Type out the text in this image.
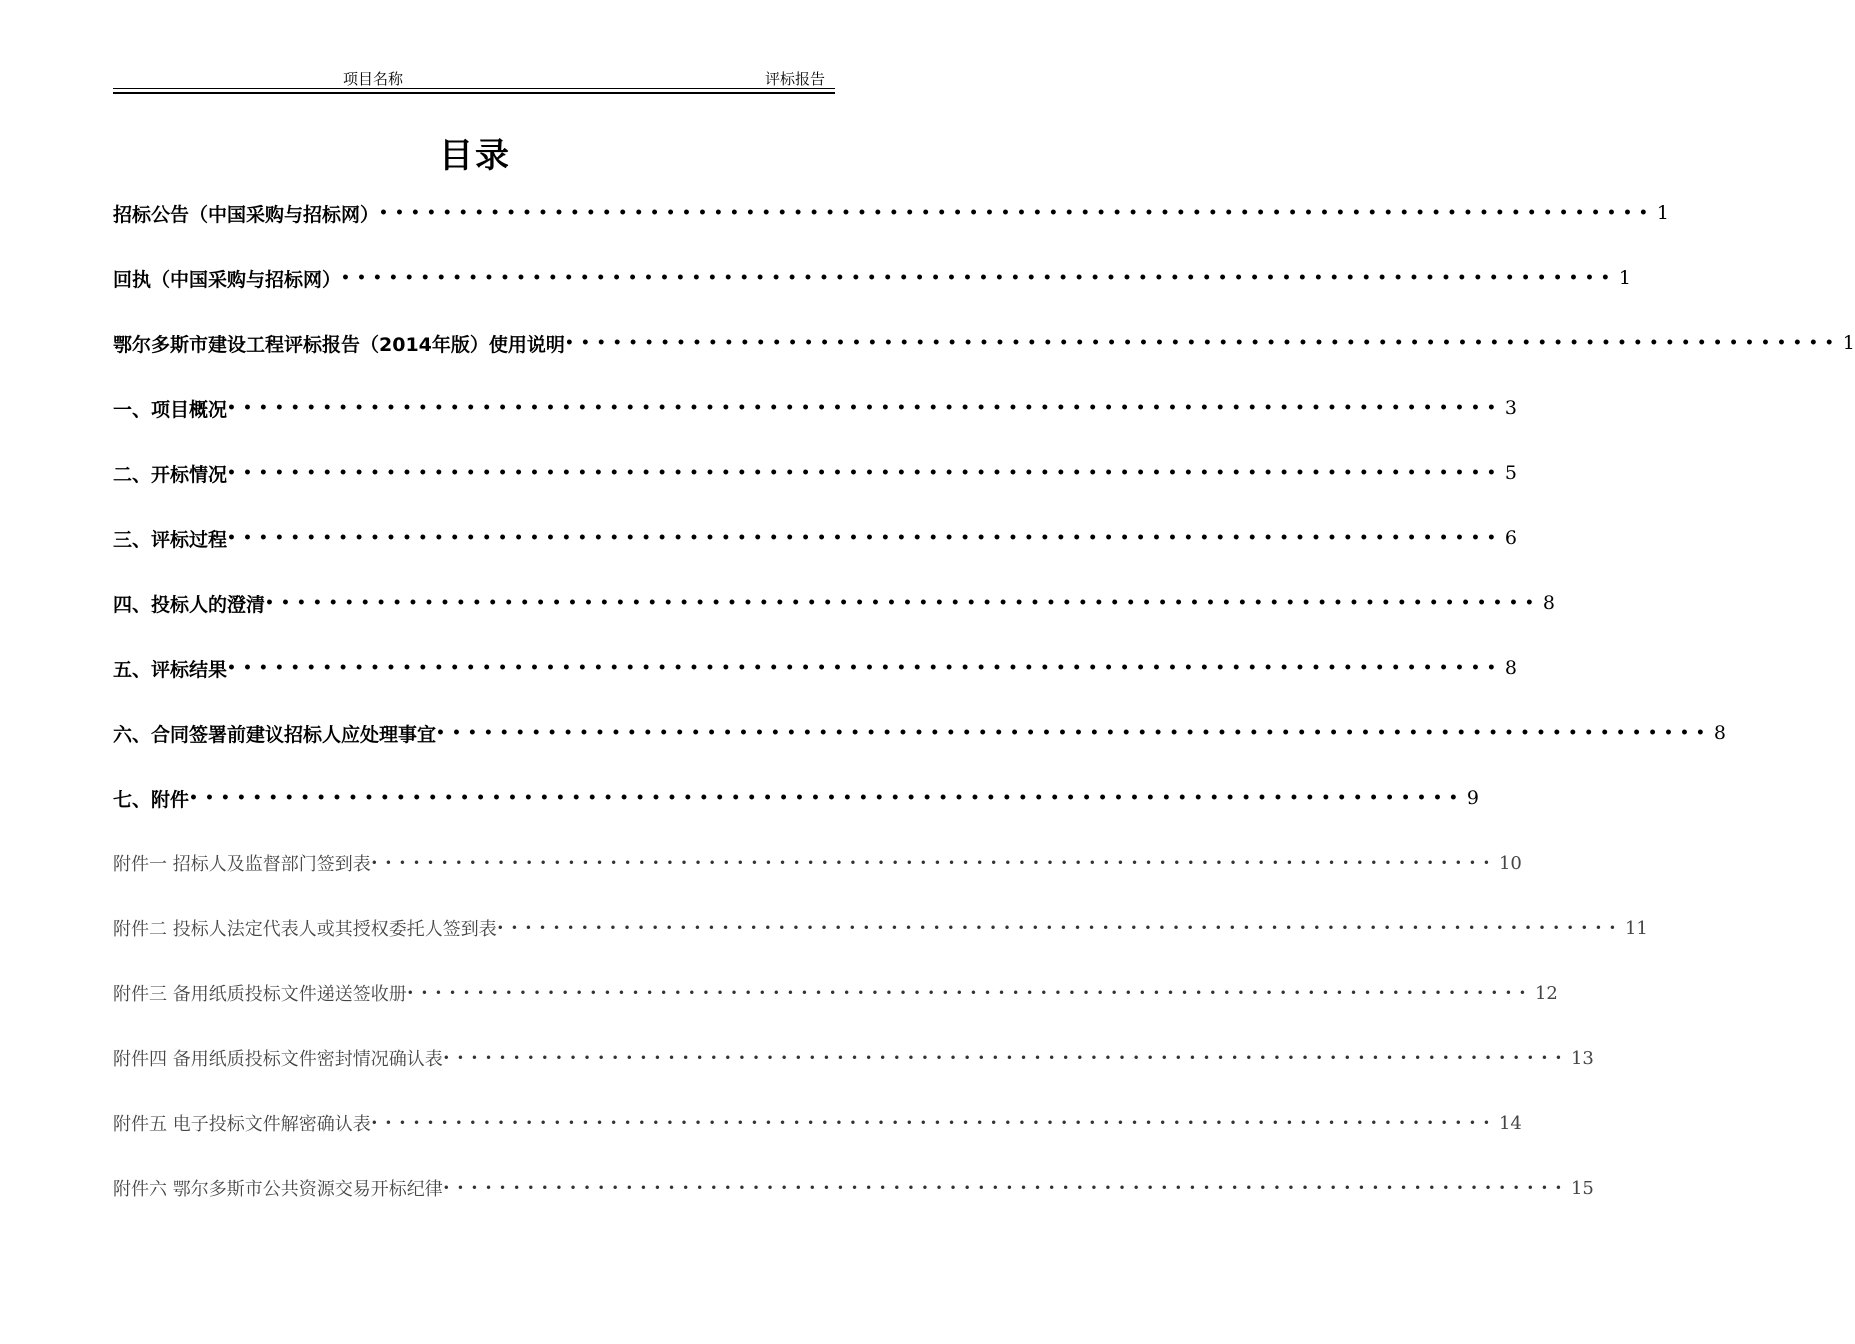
项目名称	评标报告
目录
招标公告（中国采购与招标网） •••••••••••••••••••••••••••••••••••••••••••••••••••••••••••••••••••••••••••••••• 1
回执（中国采购与招标网） •••••••••••••••••••••••••••••••••••••••••••••••••••••••••••••••••••••••••••••••• 1
鄂尔多斯市建设工程评标报告（2014年版）使用说明 •••••••••••••••••••••••••••••••••••••••••••••••••••••••••••••••••••••••••••••••• 1
一、项目概况 •••••••••••••••••••••••••••••••••••••••••••••••••••••••••••••••••••••••••••••••• 3
二、开标情况 •••••••••••••••••••••••••••••••••••••••••••••••••••••••••••••••••••••••••••••••• 5
三、评标过程 •••••••••••••••••••••••••••••••••••••••••••••••••••••••••••••••••••••••••••••••• 6
四、投标人的澄清 •••••••••••••••••••••••••••••••••••••••••••••••••••••••••••••••••••••••••••••••• 8
五、评标结果 •••••••••••••••••••••••••••••••••••••••••••••••••••••••••••••••••••••••••••••••• 8
六、合同签署前建议招标人应处理事宜 •••••••••••••••••••••••••••••••••••••••••••••••••••••••••••••••••••••••••••••••• 8
七、附件 •••••••••••••••••••••••••••••••••••••••••••••••••••••••••••••••••••••••••••••••• 9
附件一 招标人及监督部门签到表 •••••••••••••••••••••••••••••••••••••••••••••••••••••••••••••••••••••••••••••••• 10
附件二 投标人法定代表人或其授权委托人签到表 •••••••••••••••••••••••••••••••••••••••••••••••••••••••••••••••••••••••••••••••• 11
附件三 备用纸质投标文件递送签收册 •••••••••••••••••••••••••••••••••••••••••••••••••••••••••••••••••••••••••••••••• 12
附件四 备用纸质投标文件密封情况确认表 •••••••••••••••••••••••••••••••••••••••••••••••••••••••••••••••••••••••••••••••• 13
附件五 电子投标文件解密确认表 •••••••••••••••••••••••••••••••••••••••••••••••••••••••••••••••••••••••••••••••• 14
附件六 鄂尔多斯市公共资源交易开标纪律 •••••••••••••••••••••••••••••••••••••••••••••••••••••••••••••••••••••••••••••••• 15
